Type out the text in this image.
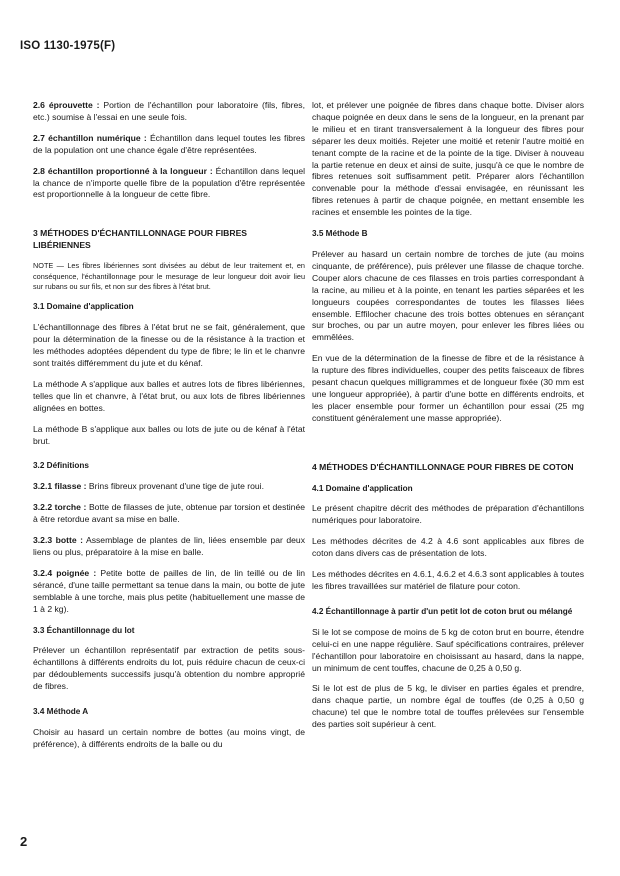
ISO 1130-1975(F)

2.6 éprouvette : Portion de l'échantillon pour laboratoire (fils, fibres, etc.) soumise à l'essai en une seule fois.

2.7 échantillon numérique : Échantillon dans lequel toutes les fibres de la population ont une chance égale d'être représentées.

2.8 échantillon proportionné à la longueur : Échantillon dans lequel la chance de n'importe quelle fibre de la population d'être représentée est proportionnelle à la longueur de cette fibre.

3 MÉTHODES D'ÉCHANTILLONNAGE POUR FIBRES LIBÉRIENNES
NOTE — Les fibres libériennes sont divisées au début de leur traitement et, en conséquence, l'échantillonnage pour le mesurage de leur longueur doit avoir lieu sur rubans ou sur fils, et non sur des fibres à l'état brut.
3.1 Domaine d'application

L'échantillonnage des fibres à l'état brut ne se fait, généralement, que pour la détermination de la finesse ou de la résistance à la traction et les méthodes adoptées dépendent du type de fibre; le lin et le chanvre sont traités différemment du jute et du kénaf.

La méthode A s'applique aux balles et autres lots de fibres libériennes, telles que lin et chanvre, à l'état brut, ou aux lots de fibres libériennes alignées en bottes.

La méthode B s'applique aux balles ou lots de jute ou de kénaf à l'état brut.

3.2 Définitions

3.2.1 filasse : Brins fibreux provenant d'une tige de jute roui.

3.2.2 torche : Botte de filasses de jute, obtenue par torsion et destinée à être retordue avant sa mise en balle.

3.2.3 botte : Assemblage de plantes de lin, liées ensemble par deux liens ou plus, préparatoire à la mise en balle.

3.2.4 poignée : Petite botte de pailles de lin, de lin teillé ou de lin sérancé, d'une taille permettant sa tenue dans la main, ou botte de jute semblable à une torche, mais plus petite (habituellement une masse de 1 à 2 kg).

3.3 Échantillonnage du lot

Prélever un échantillon représentatif par extraction de petits sous-échantillons à différents endroits du lot, puis réduire chacun de ceux-ci par dédoublements successifs jusqu'à obtention du nombre approprié de fibres.

3.4 Méthode A

Choisir au hasard un certain nombre de bottes (au moins vingt, de préférence), à différents endroits de la balle ou du

lot, et prélever une poignée de fibres dans chaque botte. Diviser alors chaque poignée en deux dans le sens de la longueur, en la prenant par le milieu et en tirant transversalement à la longueur des fibres pour séparer les deux moitiés. Rejeter une moitié et retenir l'autre moitié en tenant compte de la racine et de la pointe de la tige. Diviser à nouveau la partie retenue en deux et ainsi de suite, jusqu'à ce que le nombre de fibres retenues soit suffisamment petit. Préparer alors l'échantillon convenable pour la méthode d'essai envisagée, en réunissant les fibres retenues à partir de chaque poignée, en mettant ensemble les racines et ensemble les pointes de la tige.

3.5 Méthode B

Prélever au hasard un certain nombre de torches de jute (au moins cinquante, de préférence), puis prélever une filasse de chaque torche. Couper alors chacune de ces filasses en trois parties correspondant à la racine, au milieu et à la pointe, en tenant les parties séparées et les longueurs coupées correspondantes de toutes les filasses liées ensemble. Effilocher chacune des trois bottes obtenues en sérançant sur broches, ou par un autre moyen, pour enlever les fibres liées ou emmêlées.

En vue de la détermination de la finesse de fibre et de la résistance à la rupture des fibres individuelles, couper des petits faisceaux de fibres pesant chacun quelques milligrammes et de longueur fixée (30 mm est une longueur appropriée), à partir d'une botte en différents endroits, et les placer ensemble pour former un échantillon pour essai (25 mg constituent généralement une masse appropriée).

4 MÉTHODES D'ÉCHANTILLONNAGE POUR FIBRES DE COTON
4.1 Domaine d'application

Le présent chapitre décrit des méthodes de préparation d'échantillons numériques pour laboratoire.

Les méthodes décrites de 4.2 à 4.6 sont applicables aux fibres de coton dans divers cas de présentation de lots.

Les méthodes décrites en 4.6.1, 4.6.2 et 4.6.3 sont applicables à toutes les fibres travaillées sur matériel de filature pour coton.

4.2 Échantillonnage à partir d'un petit lot de coton brut ou mélangé

Si le lot se compose de moins de 5 kg de coton brut en bourre, étendre celui-ci en une nappe régulière. Sauf spécifications contraires, prélever l'échantillon pour laboratoire en choisissant au hasard, dans la nappe, un minimum de cent touffes, chacune de 0,25 à 0,50 g.

Si le lot est de plus de 5 kg, le diviser en parties égales et prendre, dans chaque partie, un nombre égal de touffes (de 0,25 à 0,50 g chacune) tel que le nombre total de touffes prélevées sur l'ensemble des parties soit supérieur à cent.

2
